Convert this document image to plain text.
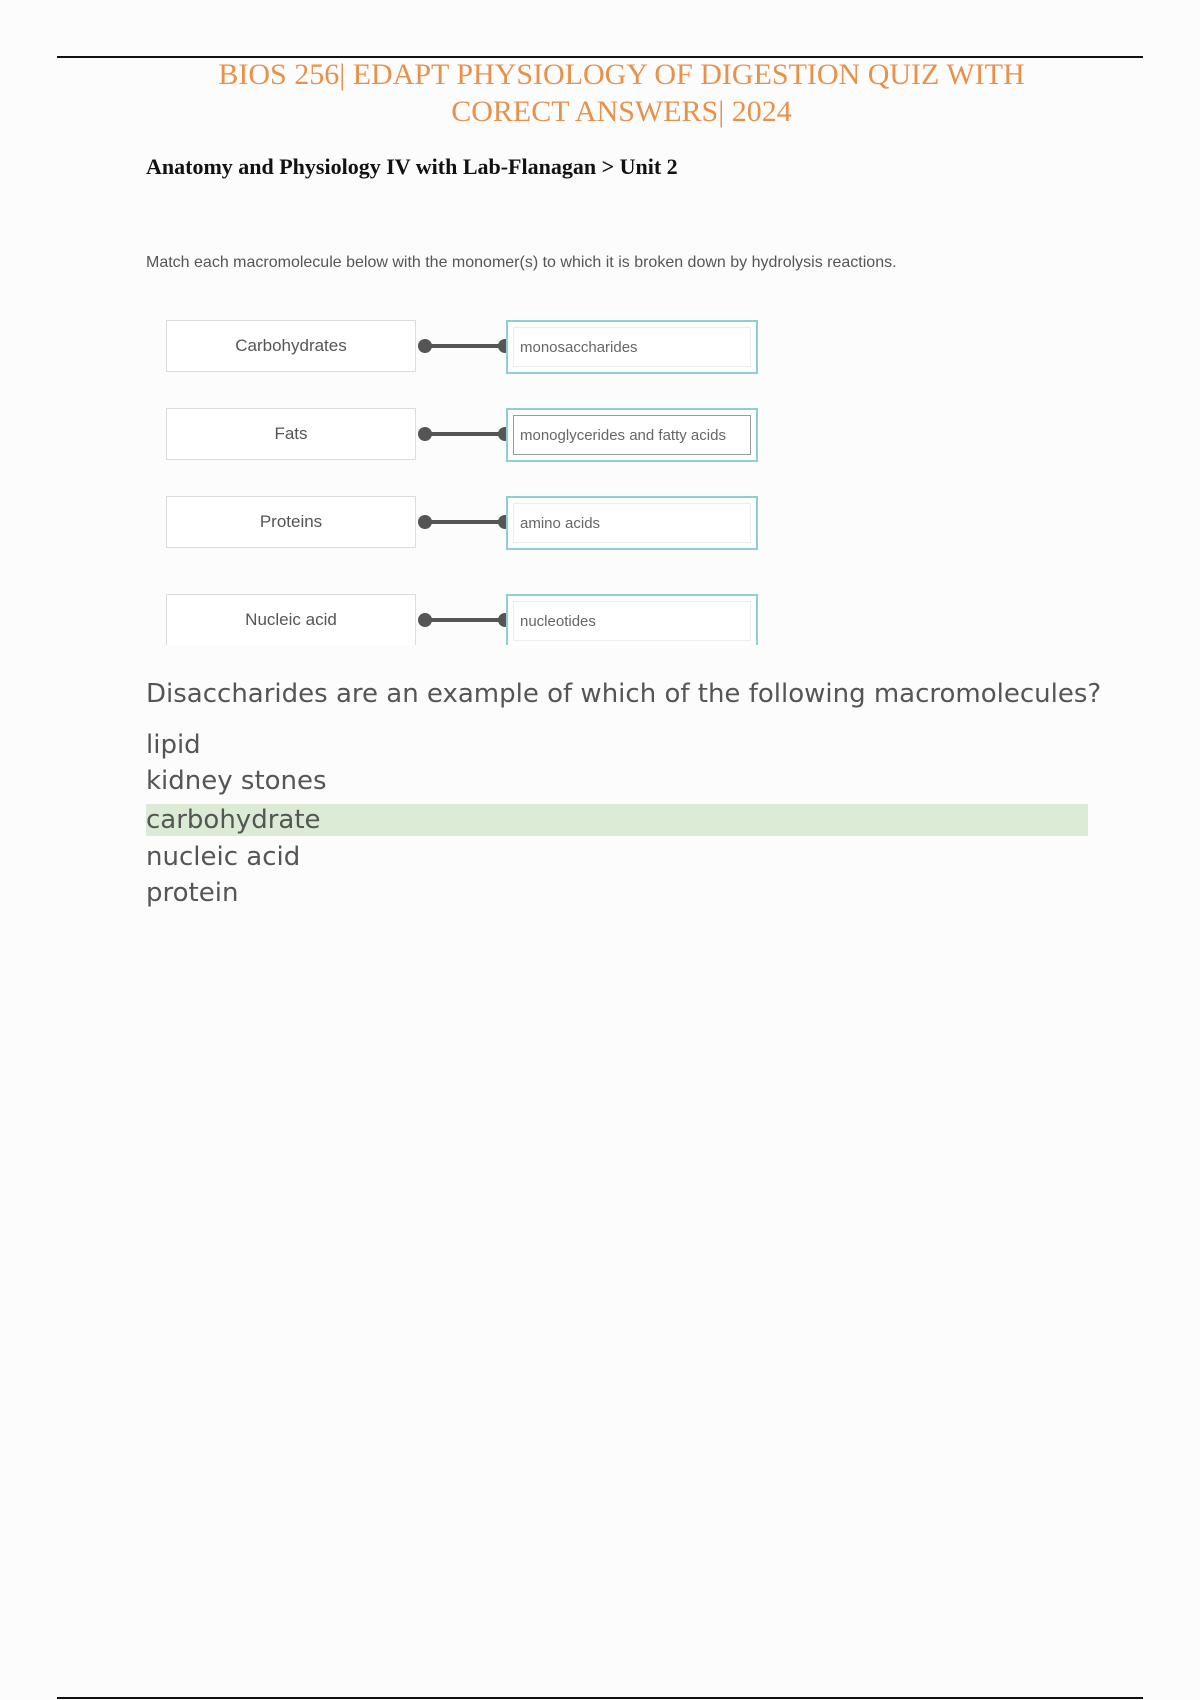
BIOS 256| EDAPT PHYSIOLOGY OF DIGESTION QUIZ WITH
CORECT ANSWERS| 2024

Anatomy and Physiology IV with Lab-Flanagan > Unit 2

Match each macromolecule below with the monomer(s) to which it is broken down by hydrolysis reactions.

Carbohydrates	monosaccharides
Fats	monoglycerides and fatty acids
Proteins	amino acids
Nucleic acid	nucleotides
Disaccharides are an example of which of the following macromolecules?
lipid
kidney stones
carbohydrate
nucleic acid
protein
